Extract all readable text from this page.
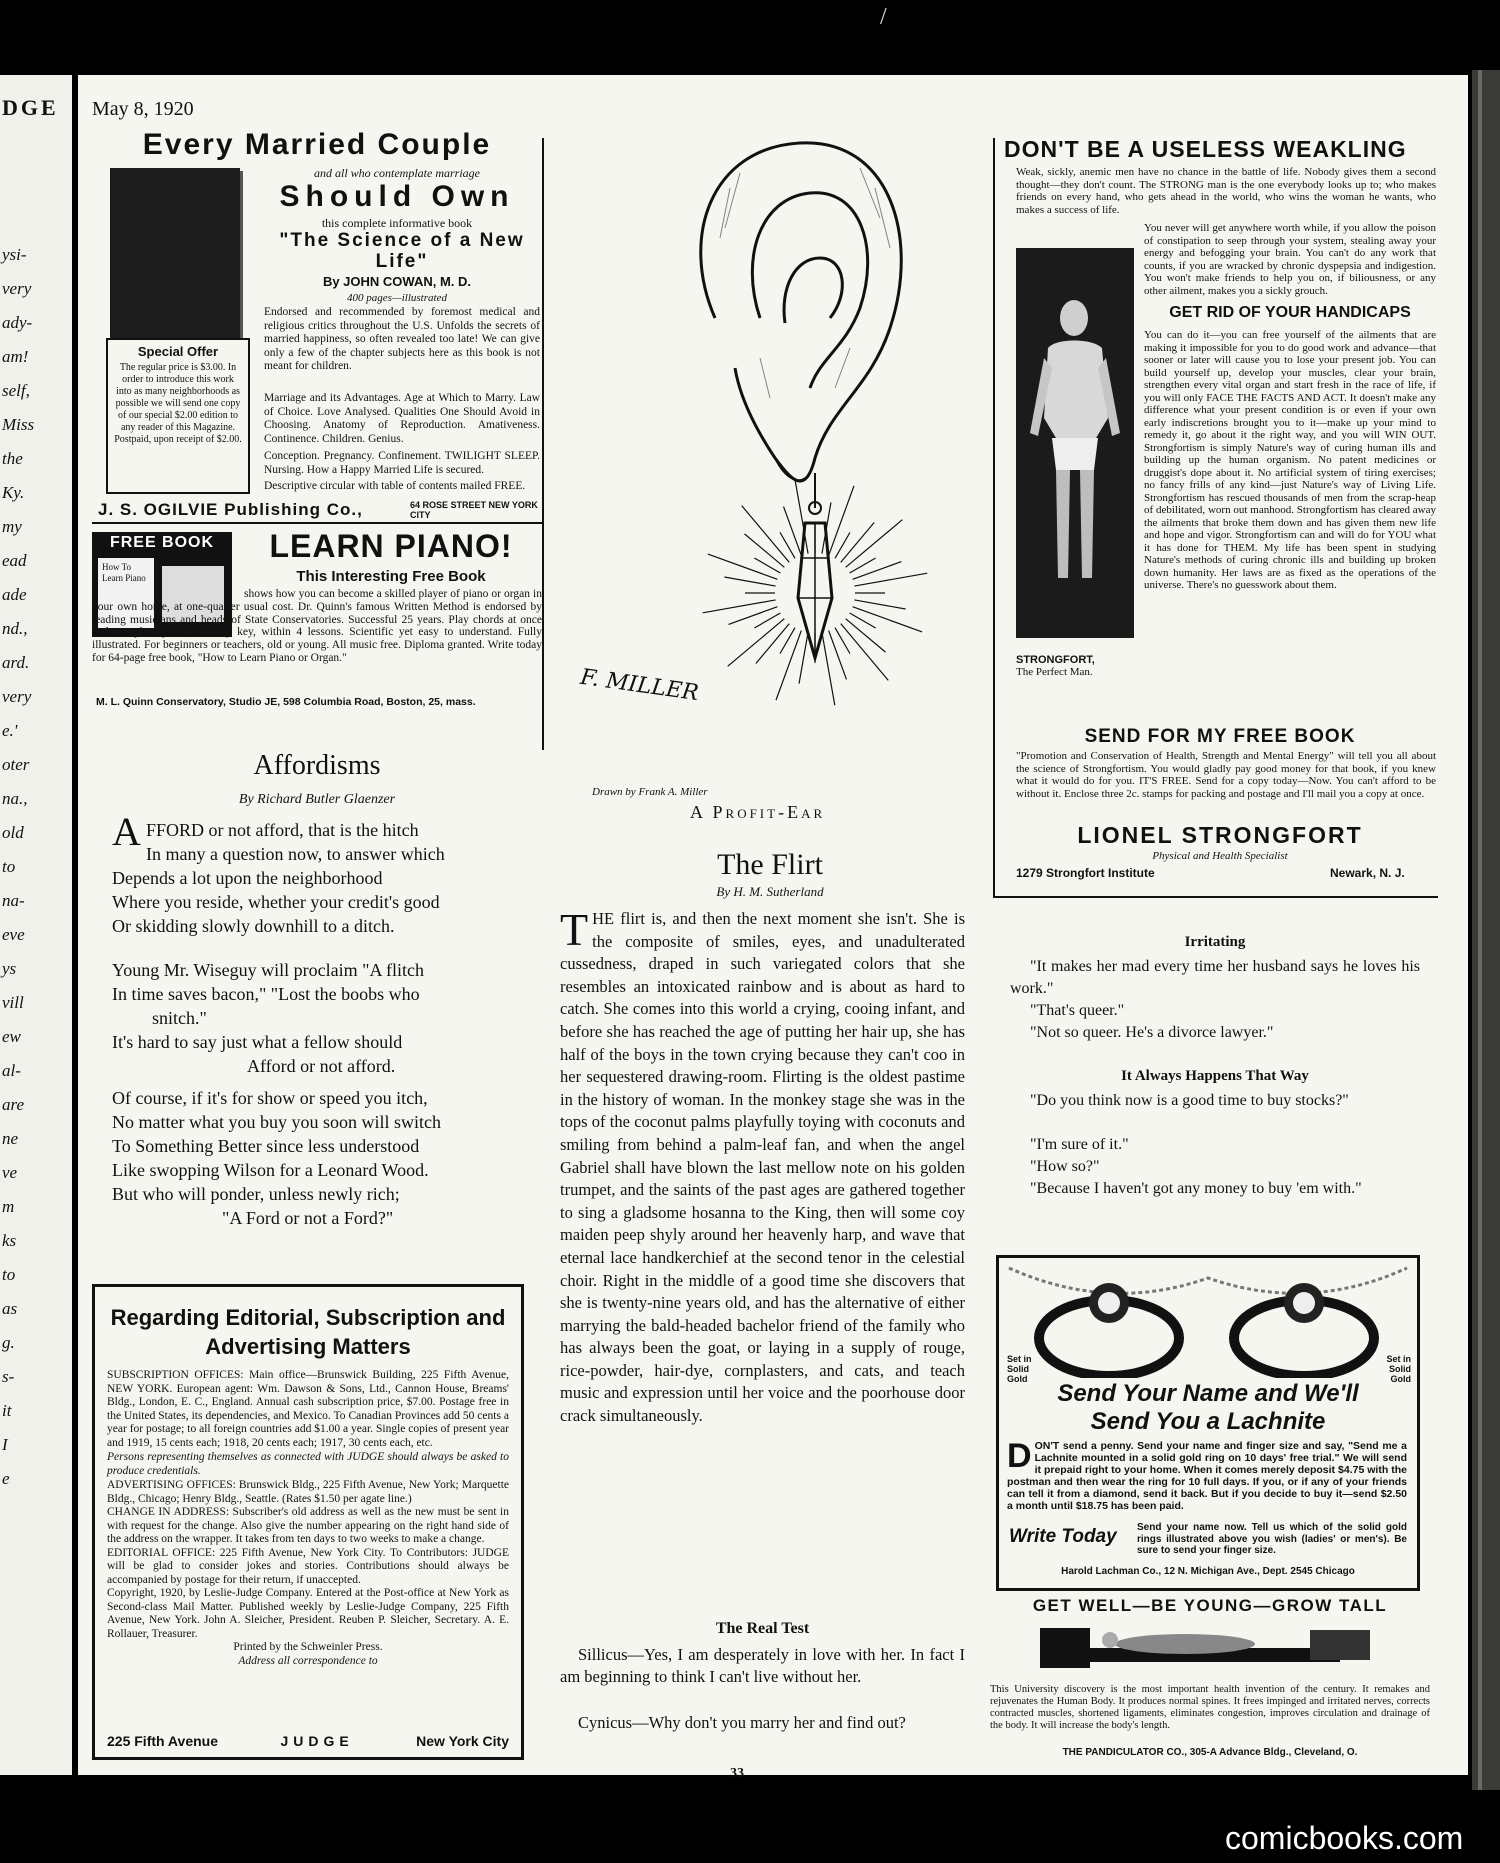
DGE
ysi-
very
ady-
am!
self,
Miss
the
Ky.
my
ead
ade
nd.,
ard.
very
e.'
oter
na.,
old
to
na-
eve
ys
vill
ew
al-
are
ne
ve
m
ks
to
as
g.
s-
it
I
e
/
May 8, 1920
Every Married Couple
and all who contemplate marriage
Should Own
this complete informative book
"The Science of a New Life"
By JOHN COWAN, M. D.
400 pages—illustrated
Endorsed and recommended by foremost medical and religious critics throughout the U.S. Unfolds the secrets of married happiness, so often revealed too late! We can give only a few of the chapter subjects here as this book is not meant for children.
Marriage and its Advantages. Age at Which to Marry. Law of Choice. Love Analysed. Qualities One Should Avoid in Choosing. Anatomy of Reproduction. Amativeness. Continence. Children. Genius.
Conception. Pregnancy. Confinement. TWILIGHT SLEEP. Nursing. How a Happy Married Life is secured.
Descriptive circular with table of contents mailed FREE.
Special Offer
The regular price is $3.00. In order to introduce this work into as many neighborhoods as possible we will send one copy of our special $2.00 edition to any reader of this Magazine. Postpaid, upon receipt of $2.00.
J. S. OGILVIE Publishing Co.,	64 ROSE STREET NEW YORK CITY
FREE BOOK
How To Learn Piano
LEARN PIANO!
This Interesting Free Book
shows how you can become a skilled player of piano or organ in your own home, at one-quarter usual cost. Dr. Quinn's famous Written Method is endorsed by leading musicians and heads of State Conservatories. Successful 25 years. Play chords at once and complete piece in every key, within 4 lessons. Scientific yet easy to understand. Fully illustrated. For beginners or teachers, old or young. All music free. Diploma granted. Write today for 64-page free book, "How to Learn Piano or Organ."
M. L. Quinn Conservatory, Studio JE, 598 Columbia Road, Boston, 25, mass.
Affordisms
By Richard Butler Glaenzer
A FFORD or not afford, that is the hitch
In many a question now, to answer which
Depends a lot upon the neighborhood
Where you reside, whether your credit's good
Or skidding slowly downhill to a ditch.
Young Mr. Wiseguy will proclaim "A flitch
In time saves bacon," "Lost the boobs who
snitch."
It's hard to say just what a fellow should
Afford or not afford.
Of course, if it's for show or speed you itch,
No matter what you buy you soon will switch
To Something Better since less understood
Like swopping Wilson for a Leonard Wood.
But who will ponder, unless newly rich;
"A Ford or not a Ford?"
Regarding Editorial, Subscription and Advertising Matters
SUBSCRIPTION OFFICES: Main office—Brunswick Building, 225 Fifth Avenue, NEW YORK. European agent: Wm. Dawson & Sons, Ltd., Cannon House, Breams' Bldg., London, E. C., England. Annual cash subscription price, $7.00. Postage free in the United States, its dependencies, and Mexico. To Canadian Provinces add 50 cents a year for postage; to all foreign countries add $1.00 a year. Single copies of present year and 1919, 15 cents each; 1918, 20 cents each; 1917, 30 cents each, etc.
Persons representing themselves as connected with JUDGE should always be asked to produce credentials.
ADVERTISING OFFICES: Brunswick Bldg., 225 Fifth Avenue, New York; Marquette Bldg., Chicago; Henry Bldg., Seattle. (Rates $1.50 per agate line.)
CHANGE IN ADDRESS: Subscriber's old address as well as the new must be sent in with request for the change. Also give the number appearing on the right hand side of the address on the wrapper. It takes from ten days to two weeks to make a change.
EDITORIAL OFFICE: 225 Fifth Avenue, New York City. To Contributors: JUDGE will be glad to consider jokes and stories. Contributions should always be accompanied by postage for their return, if unaccepted.
Copyright, 1920, by Leslie-Judge Company. Entered at the Post-office at New York as Second-class Mail Matter. Published weekly by Leslie-Judge Company, 225 Fifth Avenue, New York. John A. Sleicher, President. Reuben P. Sleicher, Secretary. A. E. Rollauer, Treasurer.
Printed by the Schweinler Press.
Address all correspondence to
225 Fifth Avenue	JUDGE	New York City
F. MILLER
Drawn by Frank A. Miller
A Profit-Ear
The Flirt
By H. M. Sutherland
T HE flirt is, and then the next moment she isn't. She is the composite of smiles, eyes, and unadulterated cussedness, draped in such variegated colors that she resembles an intoxicated rainbow and is about as hard to catch. She comes into this world a crying, cooing infant, and before she has reached the age of putting her hair up, she has half of the boys in the town crying because they can't coo in her sequestered drawing-room. Flirting is the oldest pastime in the history of woman. In the monkey stage she was in the tops of the coconut palms playfully toying with coconuts and smiling from behind a palm-leaf fan, and when the angel Gabriel shall have blown the last mellow note on his golden trumpet, and the saints of the past ages are gathered together to sing a gladsome hosanna to the King, then will some coy maiden peep shyly around her heavenly harp, and wave that eternal lace handkerchief at the second tenor in the celestial choir. Right in the middle of a good time she discovers that she is twenty-nine years old, and has the alternative of either marrying the bald-headed bachelor friend of the family who has always been the goat, or laying in a supply of rouge, rice-powder, hair-dye, cornplasters, and cats, and teach music and expression until her voice and the poorhouse door crack simultaneously.
The Real Test
Sillicus—Yes, I am desperately in love with her. In fact I am beginning to think I can't live without her.
Cynicus—Why don't you marry her and find out?
33
DON'T BE A USELESS WEAKLING
Weak, sickly, anemic men have no chance in the battle of life. Nobody gives them a second thought—they don't count. The STRONG man is the one everybody looks up to; who makes friends on every hand, who gets ahead in the world, who wins the woman he wants, who makes a success of life.
You never will get anywhere worth while, if you allow the poison of constipation to seep through your system, stealing away your energy and befogging your brain. You can't do any work that counts, if you are wracked by chronic dyspepsia and indigestion. You won't make friends to help you on, if biliousness, or any other ailment, makes you a sickly grouch.
GET RID OF YOUR HANDICAPS
You can do it—you can free yourself of the ailments that are making it impossible for you to do good work and advance—that sooner or later will cause you to lose your present job. You can build yourself up, develop your muscles, clear your brain, strengthen every vital organ and start fresh in the race of life, if you will only FACE THE FACTS AND ACT. It doesn't make any difference what your present condition is or even if your own early indiscretions brought you to it—make up your mind to remedy it, go about it the right way, and you will WIN OUT. Strongfortism is simply Nature's way of curing human ills and building up the human organism. No patent medicines or druggist's dope about it. No artificial system of tiring exercises; no fancy frills of any kind—just Nature's way of Living Life. Strongfortism has rescued thousands of men from the scrap-heap of debilitated, worn out manhood. Strongfortism has cleared away the ailments that broke them down and has given them new life and hope and vigor. Strongfortism can and will do for YOU what it has done for THEM. My life has been spent in studying Nature's methods of curing chronic ills and building up broken down humanity. Her laws are as fixed as the operations of the universe. There's no guesswork about them.
STRONGFORT,
The Perfect Man.
SEND FOR MY FREE BOOK
"Promotion and Conservation of Health, Strength and Mental Energy" will tell you all about the science of Strongfortism. You would gladly pay good money for that book, if you knew what it would do for you. IT'S FREE. Send for a copy today—Now. You can't afford to be without it. Enclose three 2c. stamps for packing and postage and I'll mail you a copy at once.
LIONEL STRONGFORT
Physical and Health Specialist
1279 Strongfort Institute	Newark, N. J.
Irritating
"It makes her mad every time her husband says he loves his work."
"That's queer."
"Not so queer. He's a divorce lawyer."
It Always Happens That Way
"Do you think now is a good time to buy stocks?"
"I'm sure of it."
"How so?"
"Because I haven't got any money to buy 'em with."
Set in Solid Gold
Set in Solid Gold
Send Your Name and We'll
Send You a Lachnite
D ON'T send a penny. Send your name and finger size and say, "Send me a Lachnite mounted in a solid gold ring on 10 days' free trial." We will send it prepaid right to your home. When it comes merely deposit $4.75 with the postman and then wear the ring for 10 full days. If you, or if any of your friends can tell it from a diamond, send it back. But if you decide to buy it—send $2.50 a month until $18.75 has been paid.
Write Today Send your name now. Tell us which of the solid gold rings illustrated above you wish (ladies' or men's). Be sure to send your finger size.
Harold Lachman Co., 12 N. Michigan Ave., Dept. 2545 Chicago
GET WELL—BE YOUNG—GROW TALL
This University discovery is the most important health invention of the century. It remakes and rejuvenates the Human Body. It produces normal spines. It frees impinged and irritated nerves, corrects contracted muscles, shortened ligaments, eliminates congestion, improves circulation and drainage of the body. It will increase the body's length.
THE PANDICULATOR CO., 305-A Advance Bldg., Cleveland, O.
comicbooks.com
